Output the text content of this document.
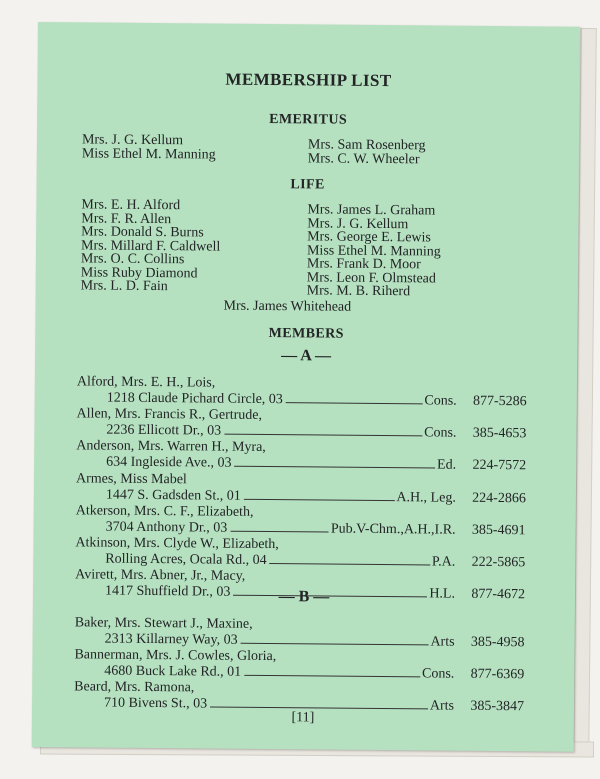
MEMBERSHIP LIST
EMERITUS
Mrs. J. G. Kellum
Miss Ethel M. Manning
Mrs. Sam Rosenberg
Mrs. C. W. Wheeler
LIFE
Mrs. E. H. Alford
Mrs. F. R. Allen
Mrs. Donald S. Burns
Mrs. Millard F. Caldwell
Mrs. O. C. Collins
Miss Ruby Diamond
Mrs. L. D. Fain
Mrs. James L. Graham
Mrs. J. G. Kellum
Mrs. George E. Lewis
Miss Ethel M. Manning
Mrs. Frank D. Moor
Mrs. Leon F. Olmstead
Mrs. M. B. Riherd
Mrs. James Whitehead
MEMBERS
— A —
Alford, Mrs. E. H., Lois,
1218 Claude Pichard Circle, 03	Cons.	877-5286
Allen, Mrs. Francis R., Gertrude,
2236 Ellicott Dr., 03	Cons.	385-4653
Anderson, Mrs. Warren H., Myra,
634 Ingleside Ave., 03	Ed.	224-7572
Armes, Miss Mabel
1447 S. Gadsden St., 01	A.H., Leg.	224-2866
Atkerson, Mrs. C. F., Elizabeth,
3704 Anthony Dr., 03	Pub.V-Chm.,A.H.,I.R.	385-4691
Atkinson, Mrs. Clyde W., Elizabeth,
Rolling Acres, Ocala Rd., 04	P.A.	222-5865
Avirett, Mrs. Abner, Jr., Macy,
1417 Shuffield Dr., 03	H.L.	877-4672
— B —
Baker, Mrs. Stewart J., Maxine,
2313 Killarney Way, 03	Arts	385-4958
Bannerman, Mrs. J. Cowles, Gloria,
4680 Buck Lake Rd., 01	Cons.	877-6369
Beard, Mrs. Ramona,
710 Bivens St., 03	Arts	385-3847
[11]
